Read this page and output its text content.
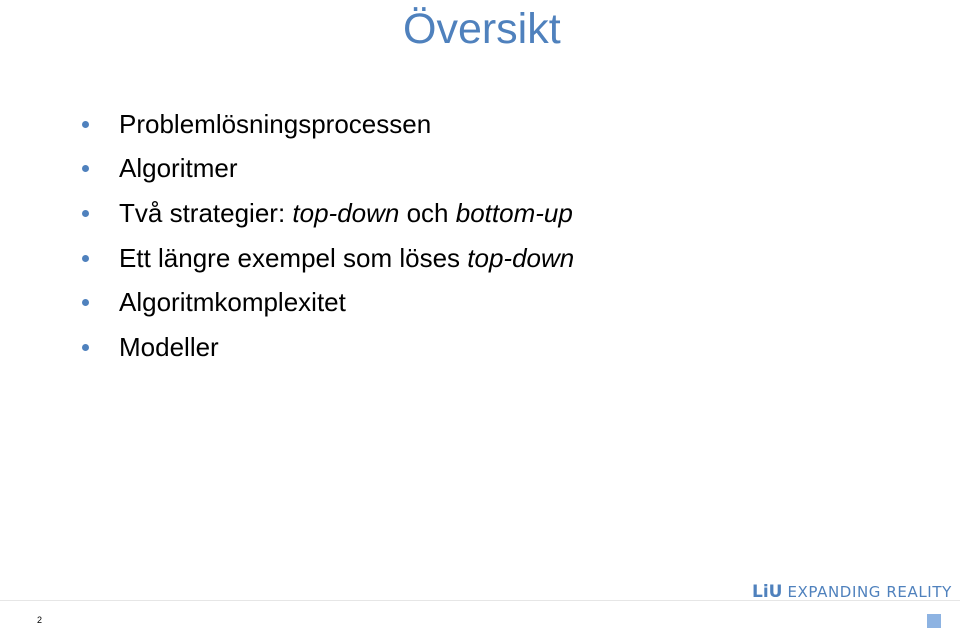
Översikt
Problemlösningsprocessen
Algoritmer
Två strategier: top-down och bottom-up
Ett längre exempel som löses top-down
Algoritmkomplexitet
Modeller
2
LiU EXPANDING REALITY
